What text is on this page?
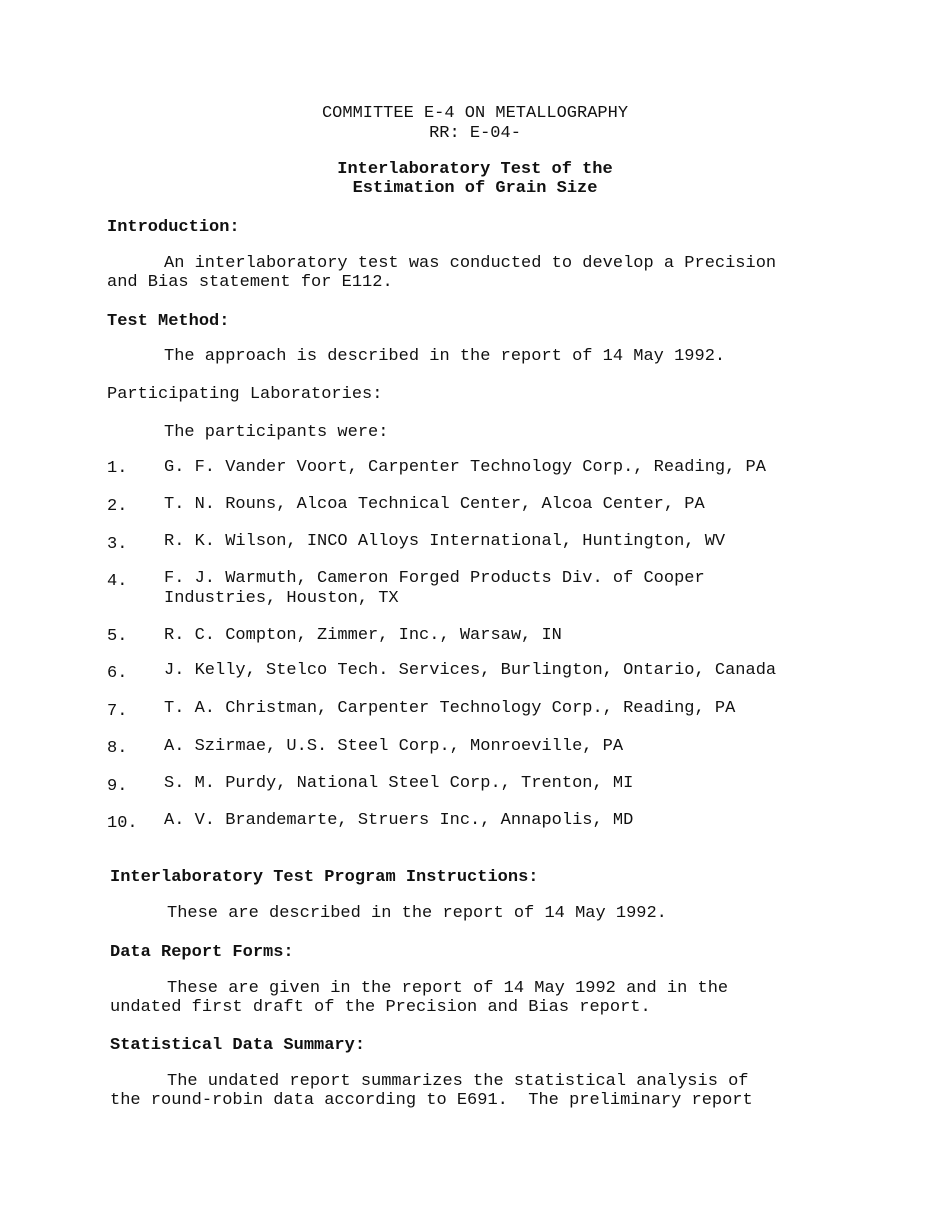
COMMITTEE E-4 ON METALLOGRAPHY
RR: E-04-
Interlaboratory Test of the
Estimation of Grain Size
Introduction:
An interlaboratory test was conducted to develop a Precision
and Bias statement for E112.
Test Method:
The approach is described in the report of 14 May 1992.
Participating Laboratories:
The participants were:
1. G. F. Vander Voort, Carpenter Technology Corp., Reading, PA
2. T. N. Rouns, Alcoa Technical Center, Alcoa Center, PA
3. R. K. Wilson, INCO Alloys International, Huntington, WV
4. F. J. Warmuth, Cameron Forged Products Div. of Cooper
Industries, Houston, TX
5. R. C. Compton, Zimmer, Inc., Warsaw, IN
6. J. Kelly, Stelco Tech. Services, Burlington, Ontario, Canada
7. T. A. Christman, Carpenter Technology Corp., Reading, PA
8. A. Szirmae, U.S. Steel Corp., Monroeville, PA
9. S. M. Purdy, National Steel Corp., Trenton, MI
10. A. V. Brandemarte, Struers Inc., Annapolis, MD
Interlaboratory Test Program Instructions:
These are described in the report of 14 May 1992.
Data Report Forms:
These are given in the report of 14 May 1992 and in the
undated first draft of the Precision and Bias report.
Statistical Data Summary:
The undated report summarizes the statistical analysis of
the round-robin data according to E691.  The preliminary report
